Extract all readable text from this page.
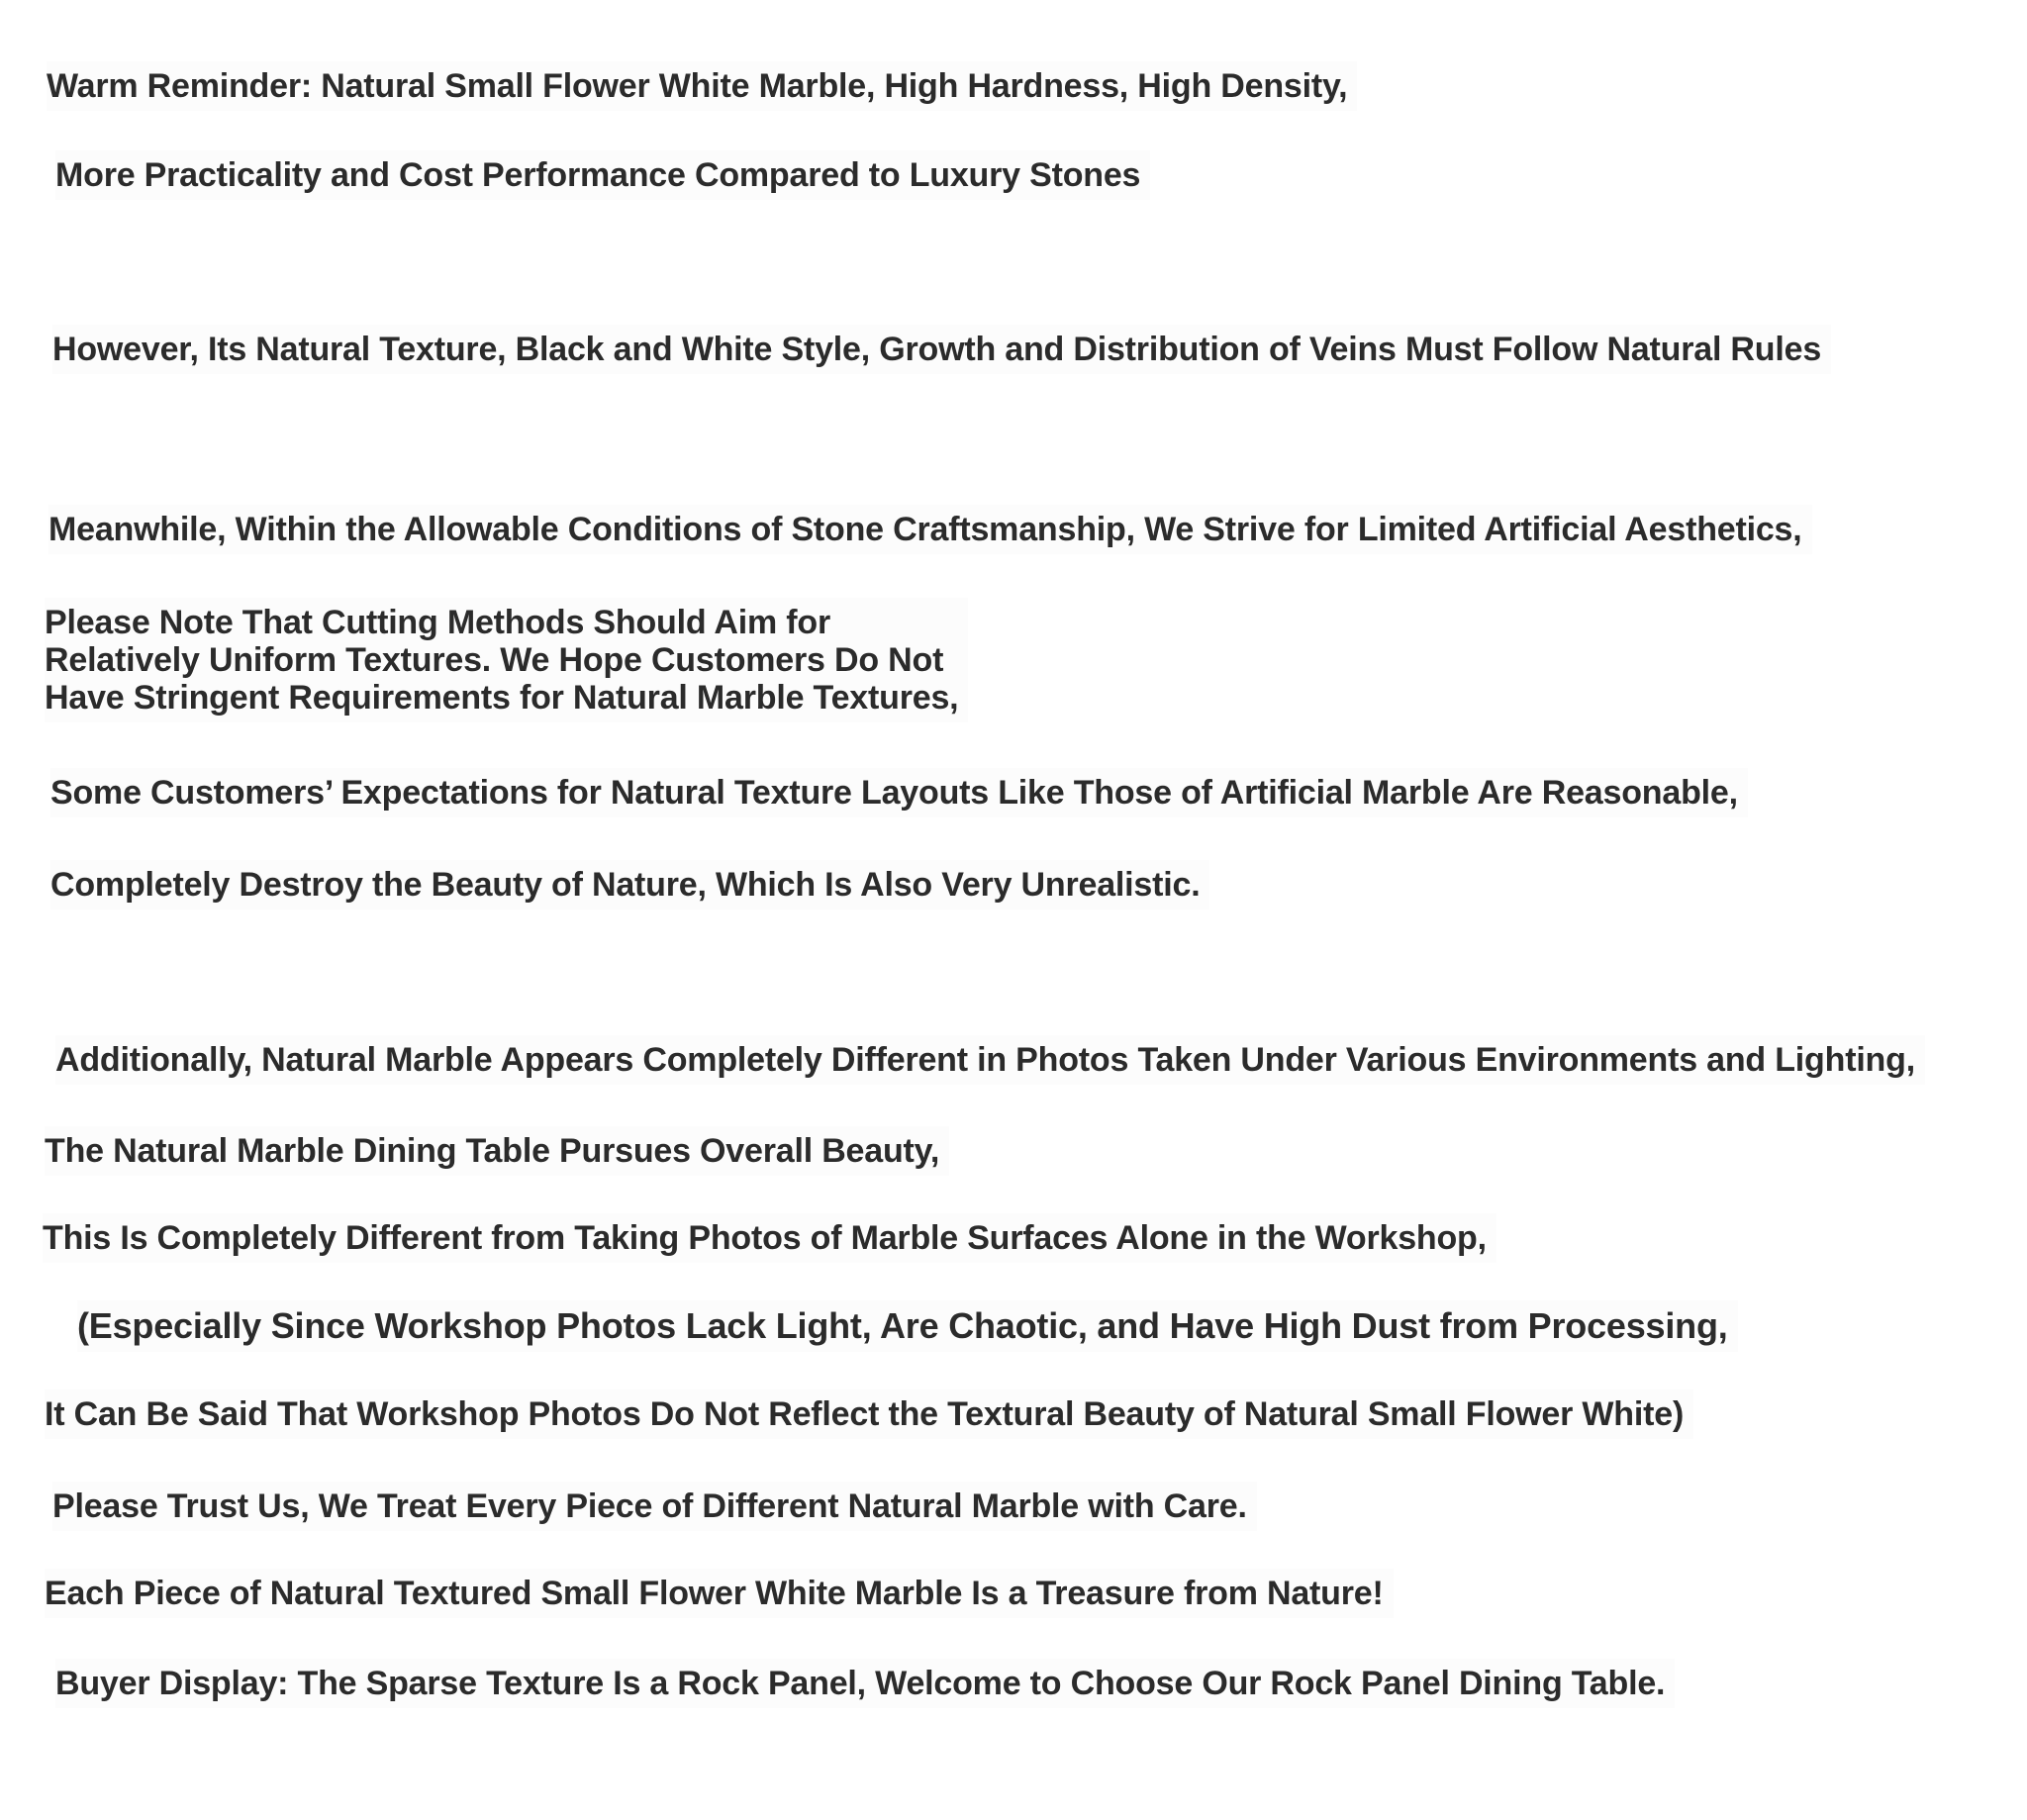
Warm Reminder: Natural Small Flower White Marble, High Hardness, High Density,
More Practicality and Cost Performance Compared to Luxury Stones
However, Its Natural Texture, Black and White Style, Growth and Distribution of Veins Must Follow Natural Rules
Meanwhile, Within the Allowable Conditions of Stone Craftsmanship, We Strive for Limited Artificial Aesthetics,
Please Note That Cutting Methods Should Aim for
Relatively Uniform Textures. We Hope Customers Do Not
Have Stringent Requirements for Natural Marble Textures,
Some Customers’ Expectations for Natural Texture Layouts Like Those of Artificial Marble Are Reasonable,
Completely Destroy the Beauty of Nature, Which Is Also Very Unrealistic.
Additionally, Natural Marble Appears Completely Different in Photos Taken Under Various Environments and Lighting,
The Natural Marble Dining Table Pursues Overall Beauty,
This Is Completely Different from Taking Photos of Marble Surfaces Alone in the Workshop,
(Especially Since Workshop Photos Lack Light, Are Chaotic, and Have High Dust from Processing,
It Can Be Said That Workshop Photos Do Not Reflect the Textural Beauty of Natural Small Flower White)
Please Trust Us, We Treat Every Piece of Different Natural Marble with Care.
Each Piece of Natural Textured Small Flower White Marble Is a Treasure from Nature!
Buyer Display: The Sparse Texture Is a Rock Panel, Welcome to Choose Our Rock Panel Dining Table.
